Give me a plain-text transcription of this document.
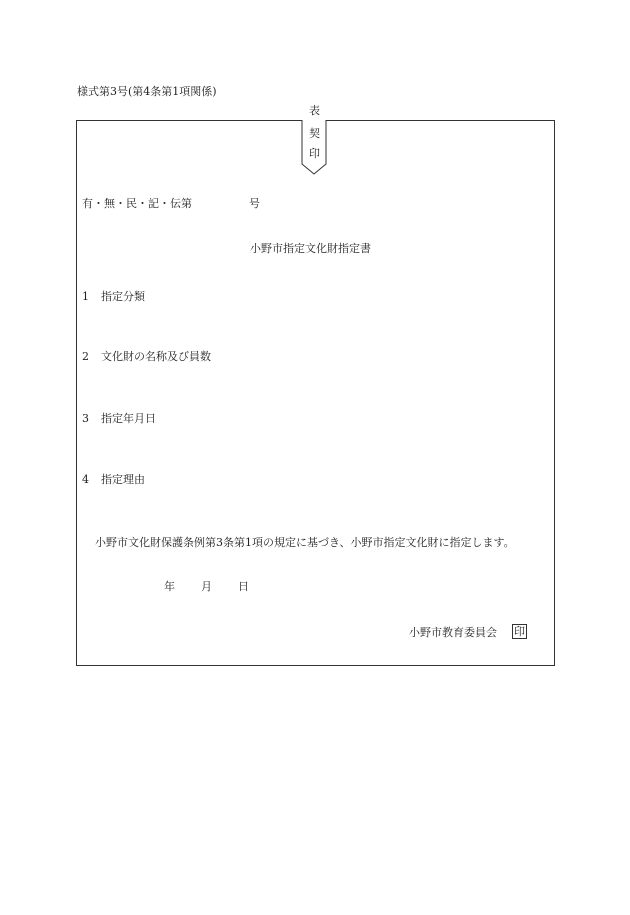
様式第3号(第4条第1項関係)
表
契
印
有・無・民・記・伝第	号
小野市指定文化財指定書
1 指定分類
2 文化財の名称及び員数
3 指定年月日
4 指定理由
小野市文化財保護条例第3条第1項の規定に基づき、小野市指定文化財に指定します。
年 月 日
小野市教育委員会 印
